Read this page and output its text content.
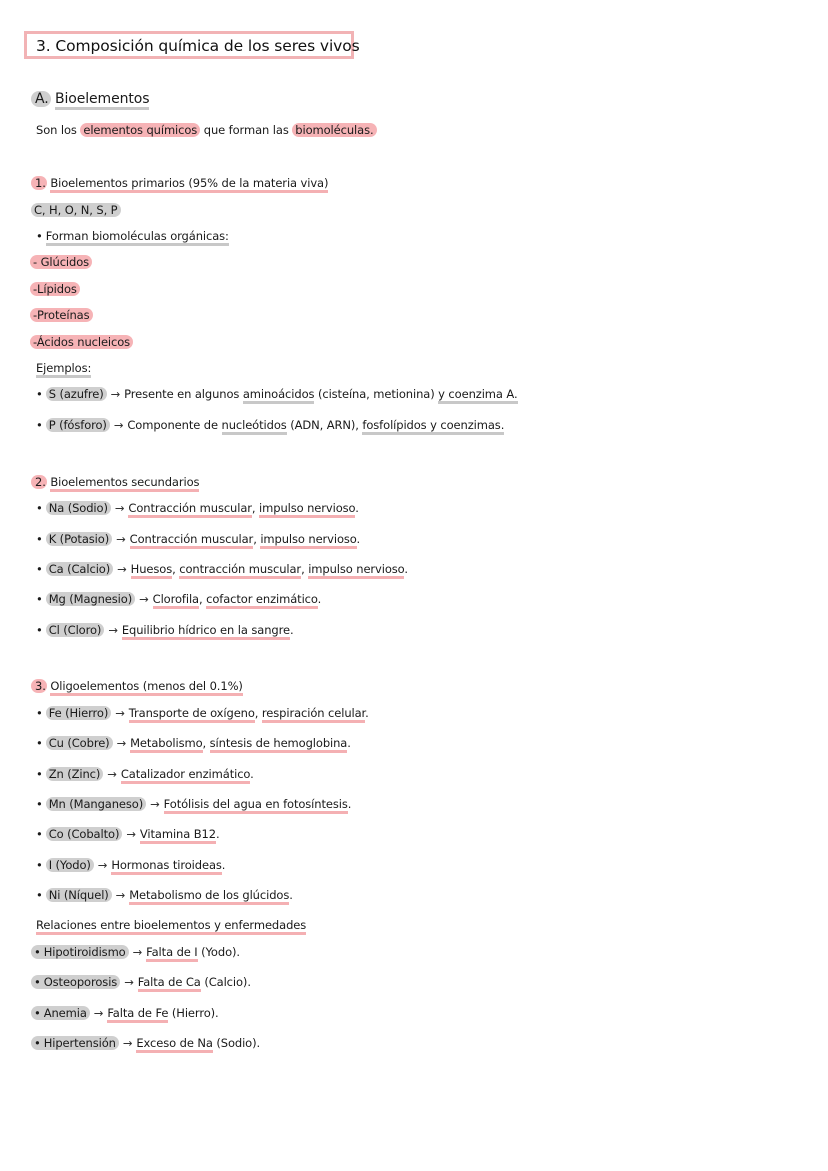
3. Composición química de los seres vivos
A. Bioelementos
Son los elementos químicos que forman las biomoléculas.
1. Bioelementos primarios (95% de la materia viva)
C, H, O, N, S, P
• Forman biomoléculas orgánicas:
- Glúcidos
-Lípidos
-Proteínas
-Ácidos nucleicos
Ejemplos:
• S (azufre) → Presente en algunos aminoácidos (cisteína, metionina) y coenzima A.
• P (fósforo) → Componente de nucleótidos (ADN, ARN), fosfolípidos y coenzimas.
2. Bioelementos secundarios
• Na (Sodio) → Contracción muscular, impulso nervioso.
• K (Potasio) → Contracción muscular, impulso nervioso.
• Ca (Calcio) → Huesos, contracción muscular, impulso nervioso.
• Mg (Magnesio) → Clorofila, cofactor enzimático.
• Cl (Cloro) → Equilibrio hídrico en la sangre.
3. Oligoelementos (menos del 0.1%)
• Fe (Hierro) → Transporte de oxígeno, respiración celular.
• Cu (Cobre) → Metabolismo, síntesis de hemoglobina.
• Zn (Zinc) → Catalizador enzimático.
• Mn (Manganeso) → Fotólisis del agua en fotosíntesis.
• Co (Cobalto) → Vitamina B12.
• I (Yodo) → Hormonas tiroideas.
• Ni (Níquel) → Metabolismo de los glúcidos.
Relaciones entre bioelementos y enfermedades
• Hipotiroidismo → Falta de I (Yodo).
• Osteoporosis → Falta de Ca (Calcio).
• Anemia → Falta de Fe (Hierro).
• Hipertensión → Exceso de Na (Sodio).
